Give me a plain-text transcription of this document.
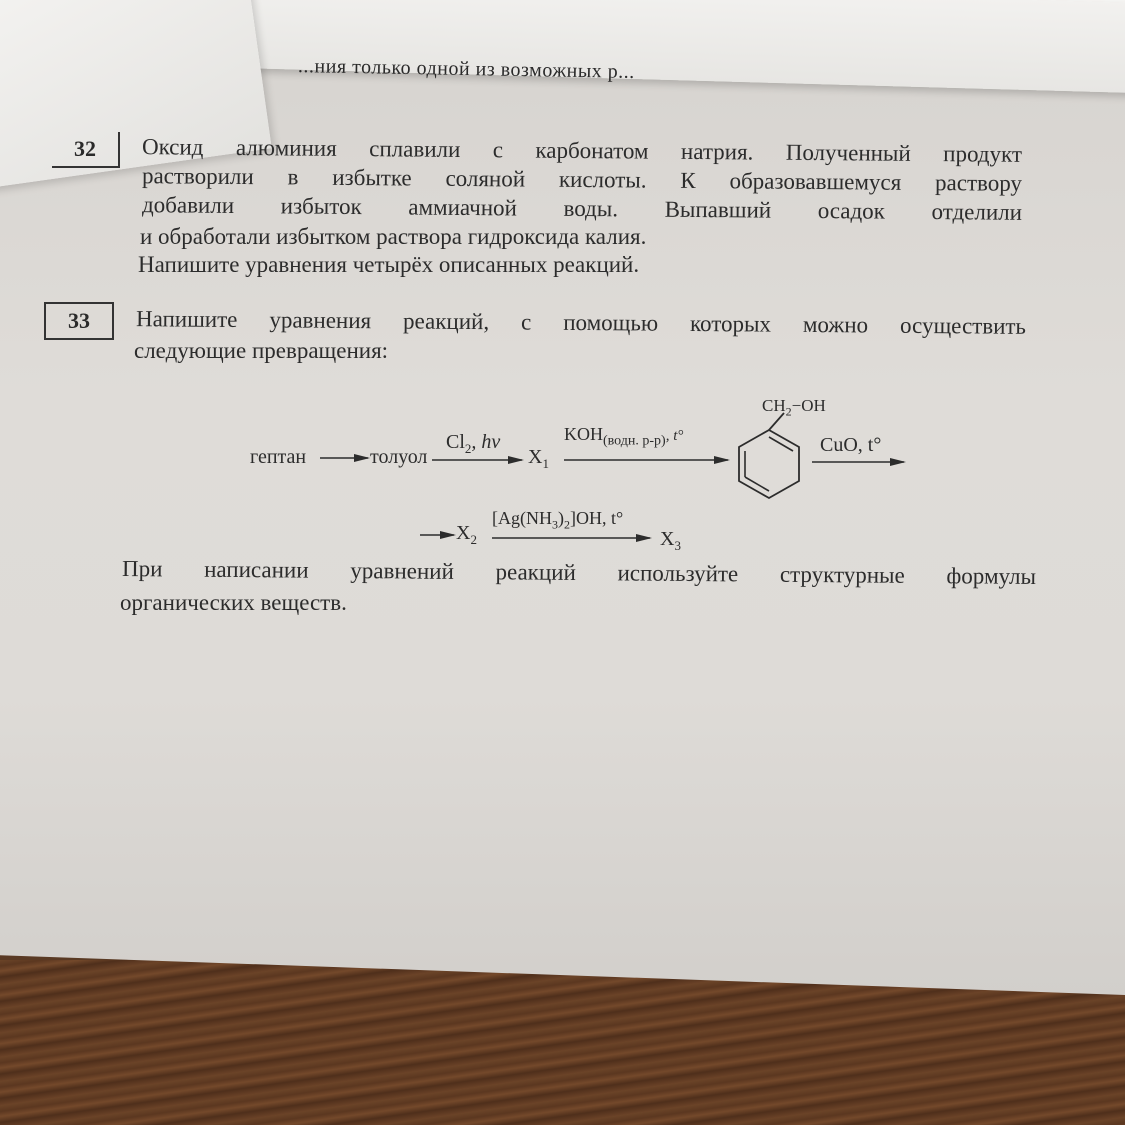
...ния только одной из возможных р...
32	Оксид алюминия сплавили с карбонатом натрия. Полученный продукт
растворили в избытке соляной кислоты. К образовавшемуся раствору
добавили избыток аммиачной воды. Выпавший осадок отделили
и обработали избытком раствора гидроксида калия.
Напишите уравнения четырёх описанных реакций.
33	Напишите уравнения реакций, с помощью которых можно осуществить
следующие превращения:
гептан	толуол
$Cl_2$, hν
$X_1$
$KOH_{(водн. р-р)}$, t°
$CH_2-OH$
CuO, t°
$X_2$
$[Ag(NH_3)_2]OH$, t°
$X_3$
При написании уравнений реакций используйте структурные формулы
органических веществ.
